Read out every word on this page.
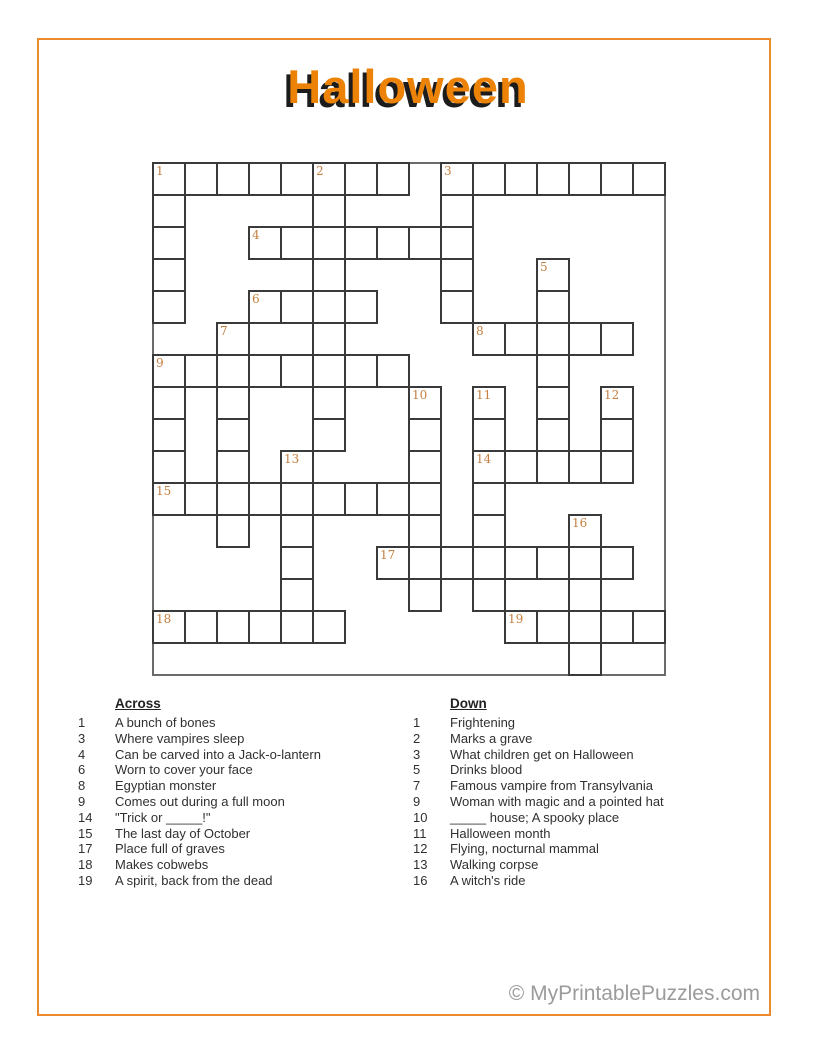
Halloween
1	3
4
6
8
9
14
15
17
18	19
2
5
7
10	11	12
13
16
Across
1	A bunch of bones
3	Where vampires sleep
4	Can be carved into a Jack-o-lantern
6	Worn to cover your face
8	Egyptian monster
9	Comes out during a full moon
14	"Trick or _____!"
15	The last day of October
17	Place full of graves
18	Makes cobwebs
19	A spirit, back from the dead
Down
1	Frightening
2	Marks a grave
3	What children get on Halloween
5	Drinks blood
7	Famous vampire from Transylvania
9	Woman with magic and a pointed hat
10	_____ house; A spooky place
11	Halloween month
12	Flying, nocturnal mammal
13	Walking corpse
16	A witch's ride
© MyPrintablePuzzles.com
